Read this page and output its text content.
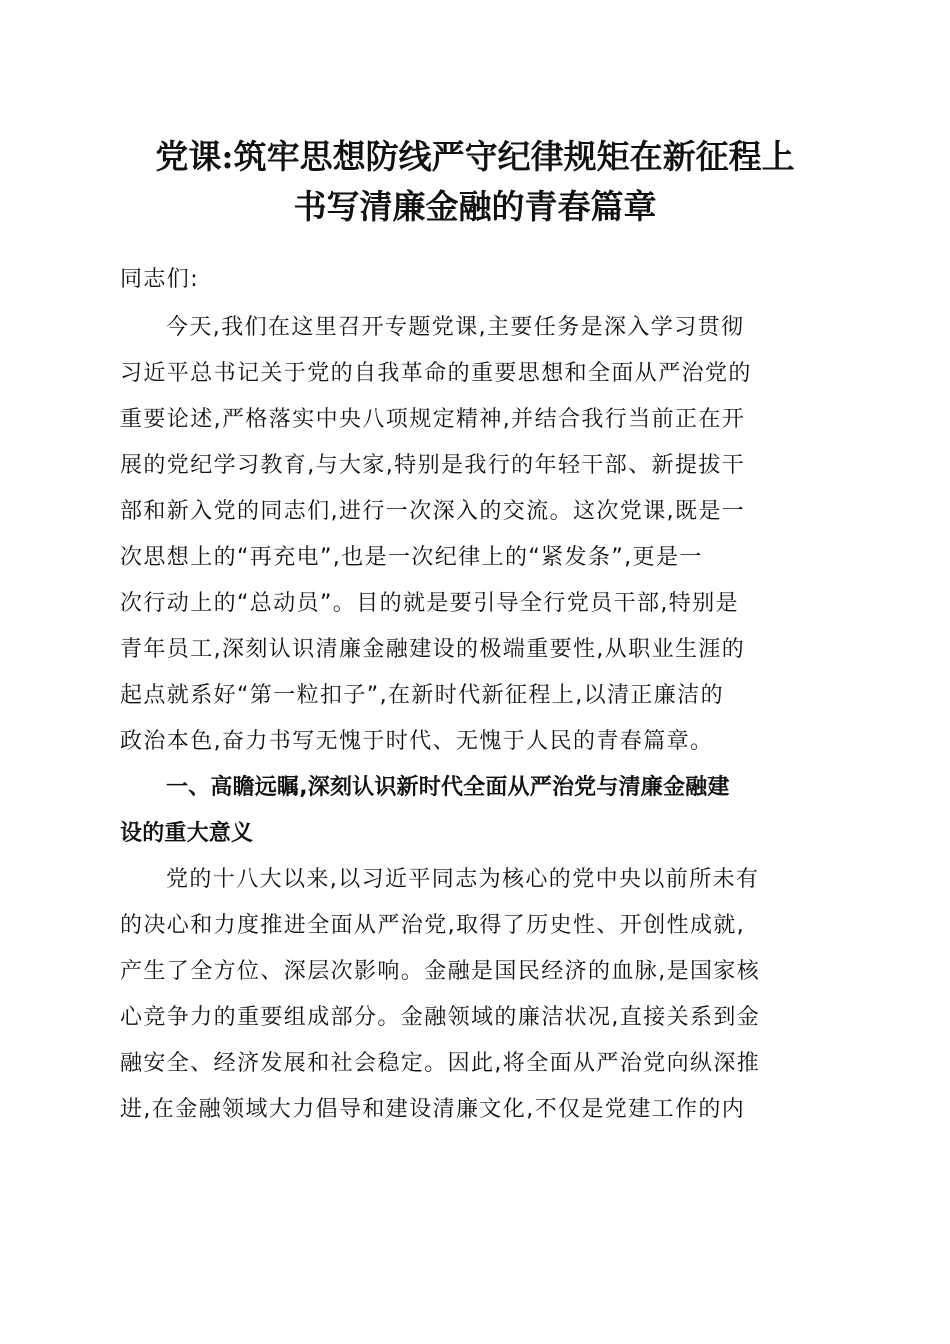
党课:筑牢思想防线严守纪律规矩在新征程上
书写清廉金融的青春篇章

同志们:

今天,我们在这里召开专题党课,主要任务是深入学习贯彻
习近平总书记关于党的自我革命的重要思想和全面从严治党的
重要论述,严格落实中央八项规定精神,并结合我行当前正在开
展的党纪学习教育,与大家,特别是我行的年轻干部、新提拔干
部和新入党的同志们,进行一次深入的交流。这次党课,既是一
次思想上的“再充电”,也是一次纪律上的“紧发条”,更是一
次行动上的“总动员”。目的就是要引导全行党员干部,特别是
青年员工,深刻认识清廉金融建设的极端重要性,从职业生涯的
起点就系好“第一粒扣子”,在新时代新征程上,以清正廉洁的
政治本色,奋力书写无愧于时代、无愧于人民的青春篇章。
一、高瞻远瞩,深刻认识新时代全面从严治党与清廉金融建
设的重大意义
党的十八大以来,以习近平同志为核心的党中央以前所未有
的决心和力度推进全面从严治党,取得了历史性、开创性成就,
产生了全方位、深层次影响。金融是国民经济的血脉,是国家核
心竞争力的重要组成部分。金融领域的廉洁状况,直接关系到金
融安全、经济发展和社会稳定。因此,将全面从严治党向纵深推
进,在金融领域大力倡导和建设清廉文化,不仅是党建工作的内
